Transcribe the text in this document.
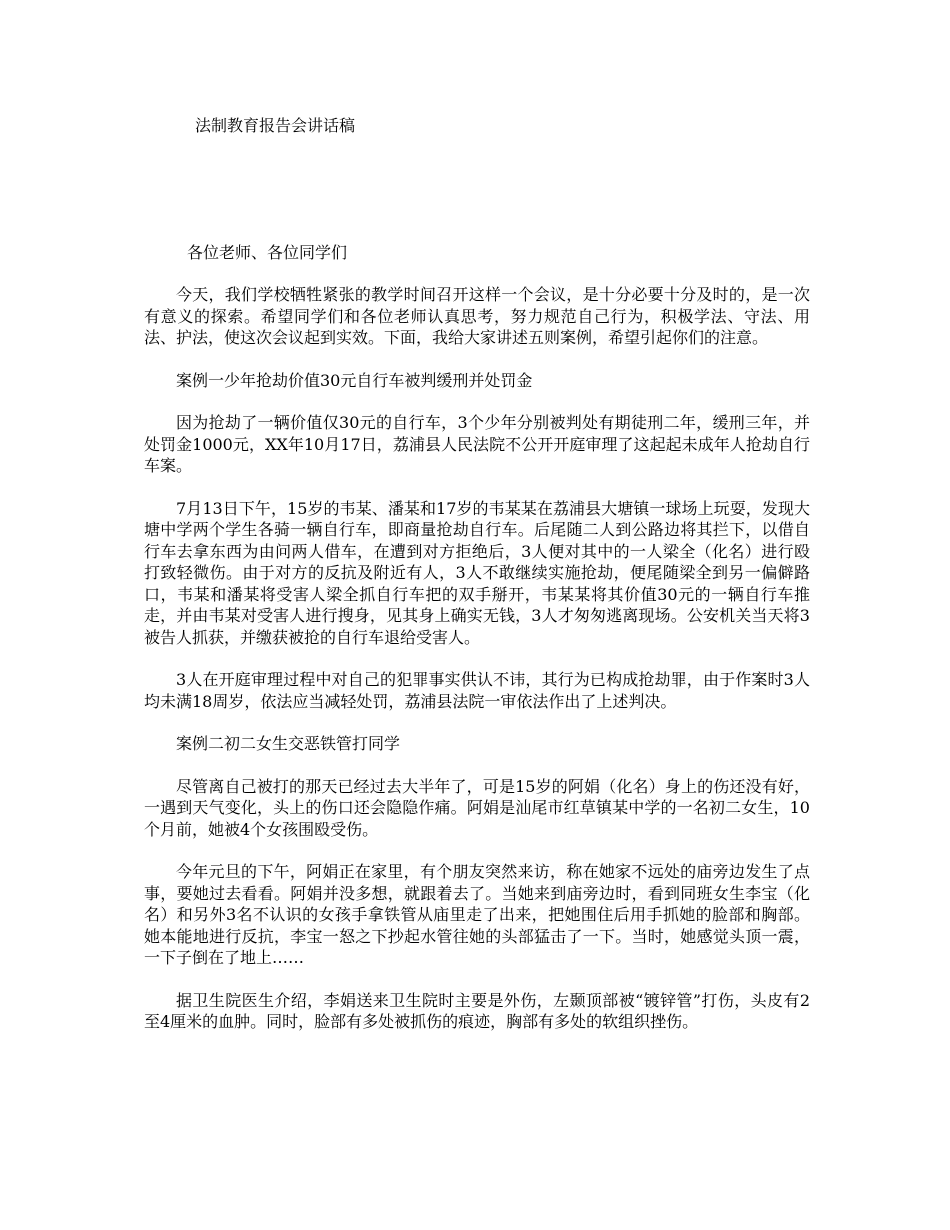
法制教育报告会讲话稿
各位老师、各位同学们

今天，我们学校牺牲紧张的教学时间召开这样一个会议，是十分必要十分及时的，是一次有意义的探索。希望同学们和各位老师认真思考，努力规范自己行为，积极学法、守法、用法、护法，使这次会议起到实效。下面，我给大家讲述五则案例，希望引起你们的注意。

案例一少年抢劫价值30元自行车被判缓刑并处罚金

因为抢劫了一辆价值仅30元的自行车，3个少年分别被判处有期徒刑二年，缓刑三年，并处罚金1000元，XX年10月17日，荔浦县人民法院不公开开庭审理了这起起未成年人抢劫自行车案。

7月13日下午，15岁的韦某、潘某和17岁的韦某某在荔浦县大塘镇一球场上玩耍，发现大塘中学两个学生各骑一辆自行车，即商量抢劫自行车。后尾随二人到公路边将其拦下，以借自行车去拿东西为由问两人借车，在遭到对方拒绝后，3人便对其中的一人梁全（化名）进行殴打致轻微伤。由于对方的反抗及附近有人，3人不敢继续实施抢劫，便尾随梁全到另一偏僻路口，韦某和潘某将受害人梁全抓自行车把的双手掰开，韦某某将其价值30元的一辆自行车推走，并由韦某对受害人进行搜身，见其身上确实无钱，3人才匆匆逃离现场。公安机关当天将3被告人抓获，并缴获被抢的自行车退给受害人。

3人在开庭审理过程中对自己的犯罪事实供认不讳，其行为已构成抢劫罪，由于作案时3人均未满18周岁，依法应当减轻处罚，荔浦县法院一审依法作出了上述判决。

案例二初二女生交恶铁管打同学

尽管离自己被打的那天已经过去大半年了，可是15岁的阿娟（化名）身上的伤还没有好，一遇到天气变化，头上的伤口还会隐隐作痛。阿娟是汕尾市红草镇某中学的一名初二女生，10个月前，她被4个女孩围殴受伤。

今年元旦的下午，阿娟正在家里，有个朋友突然来访，称在她家不远处的庙旁边发生了点事，要她过去看看。阿娟并没多想，就跟着去了。当她来到庙旁边时，看到同班女生李宝（化名）和另外3名不认识的女孩手拿铁管从庙里走了出来，把她围住后用手抓她的脸部和胸部。她本能地进行反抗，李宝一怒之下抄起水管往她的头部猛击了一下。当时，她感觉头顶一震，一下子倒在了地上……

据卫生院医生介绍，李娟送来卫生院时主要是外伤，左颞顶部被“镀锌管”打伤，头皮有2至4厘米的血肿。同时，脸部有多处被抓伤的痕迹，胸部有多处的软组织挫伤。
